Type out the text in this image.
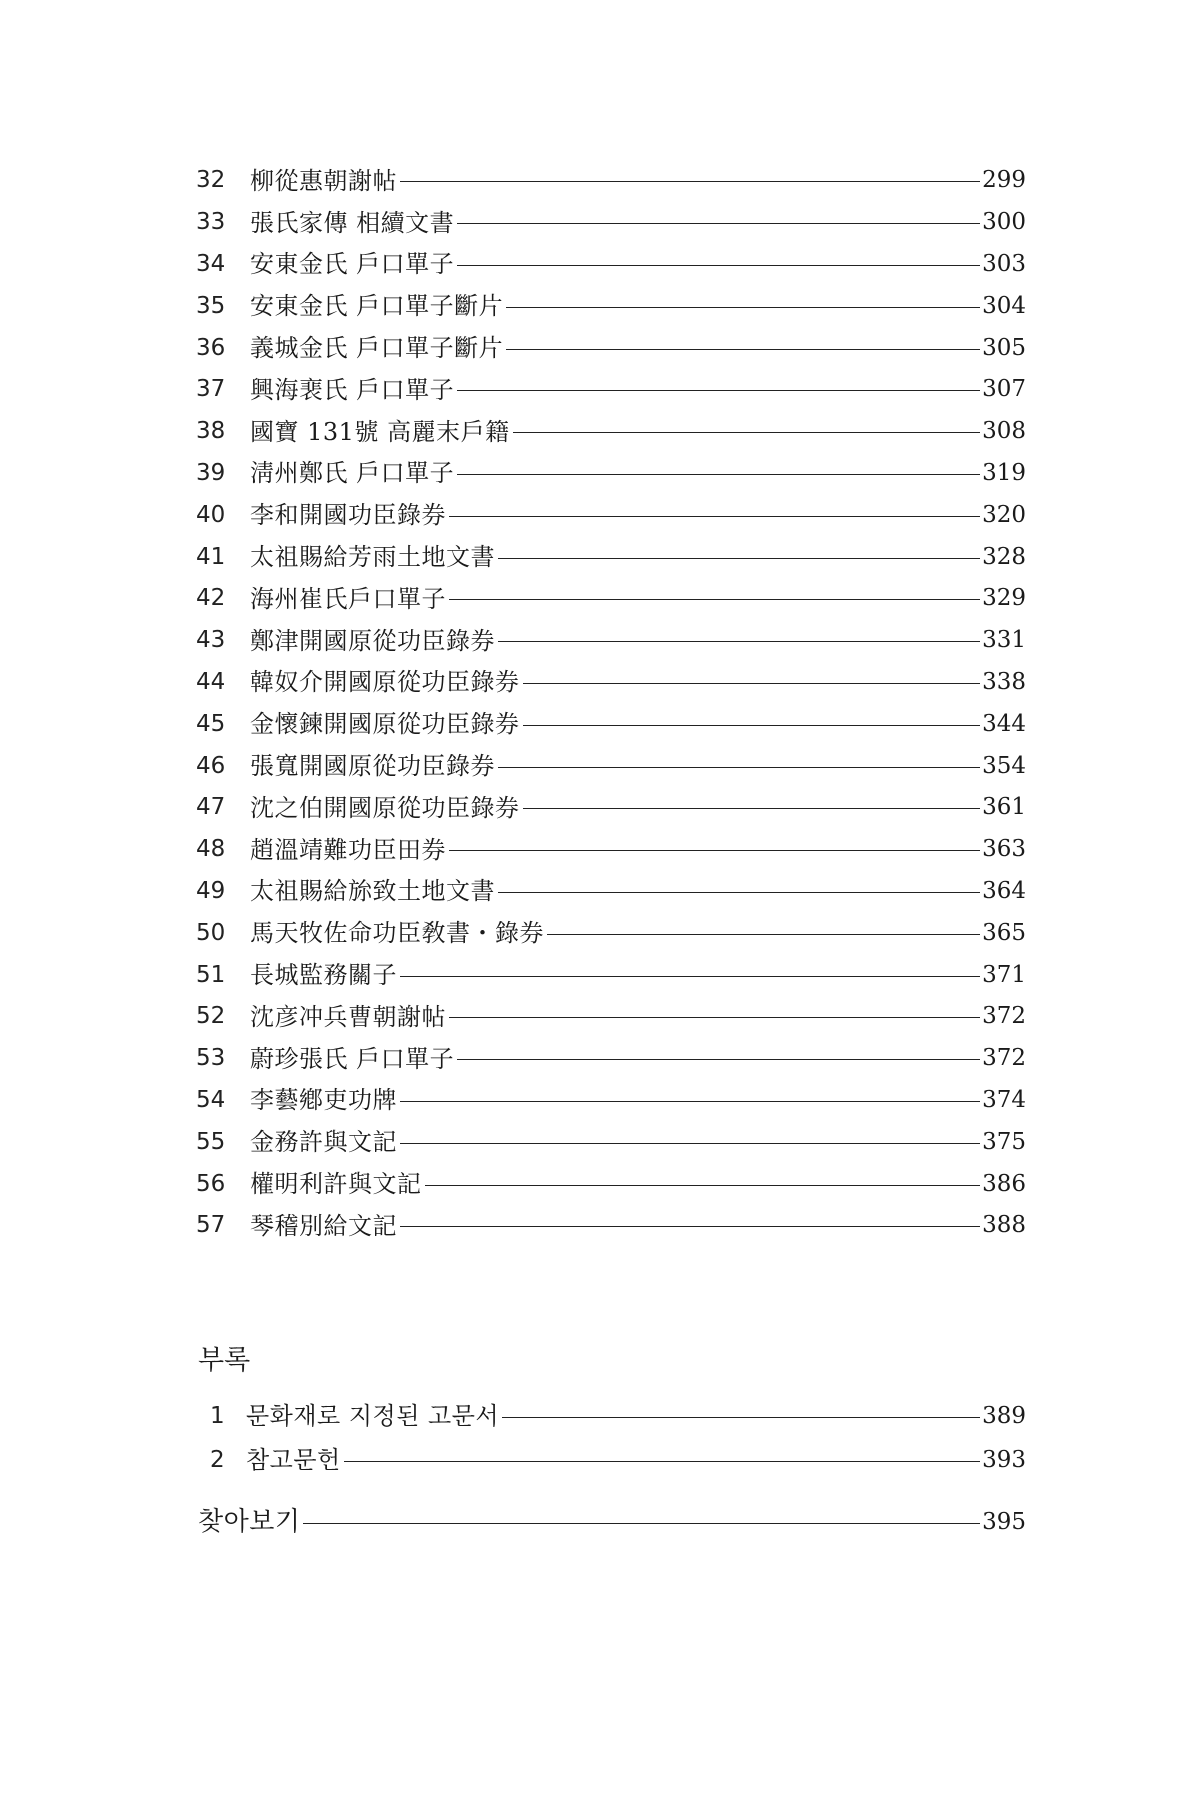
32	柳從惠朝謝帖	299
33	張氏家傳 相續文書	300
34	安東金氏 戶口單子	303
35	安東金氏 戶口單子斷片	304
36	義城金氏 戶口單子斷片	305
37	興海裵氏 戶口單子	307
38	國寶 131號 高麗末戶籍	308
39	淸州鄭氏 戶口單子	319
40	李和開國功臣錄券	320
41	太祖賜給芳雨土地文書	328
42	海州崔氏戶口單子	329
43	鄭津開國原從功臣錄券	331
44	韓奴介開國原從功臣錄券	338
45	金懷鍊開國原從功臣錄券	344
46	張寬開國原從功臣錄券	354
47	沈之伯開國原從功臣錄券	361
48	趙溫靖難功臣田券	363
49	太祖賜給旀致土地文書	364
50	馬天牧佐命功臣敎書・錄券	365
51	長城監務關子	371
52	沈彦冲兵曹朝謝帖	372
53	蔚珍張氏 戶口單子	372
54	李藝鄕吏功牌	374
55	金務許與文記	375
56	權明利許與文記	386
57	琴稽別給文記	388
부록
1 문화재로 지정된 고문서	389
2 참고문헌	393
찾아보기	395
